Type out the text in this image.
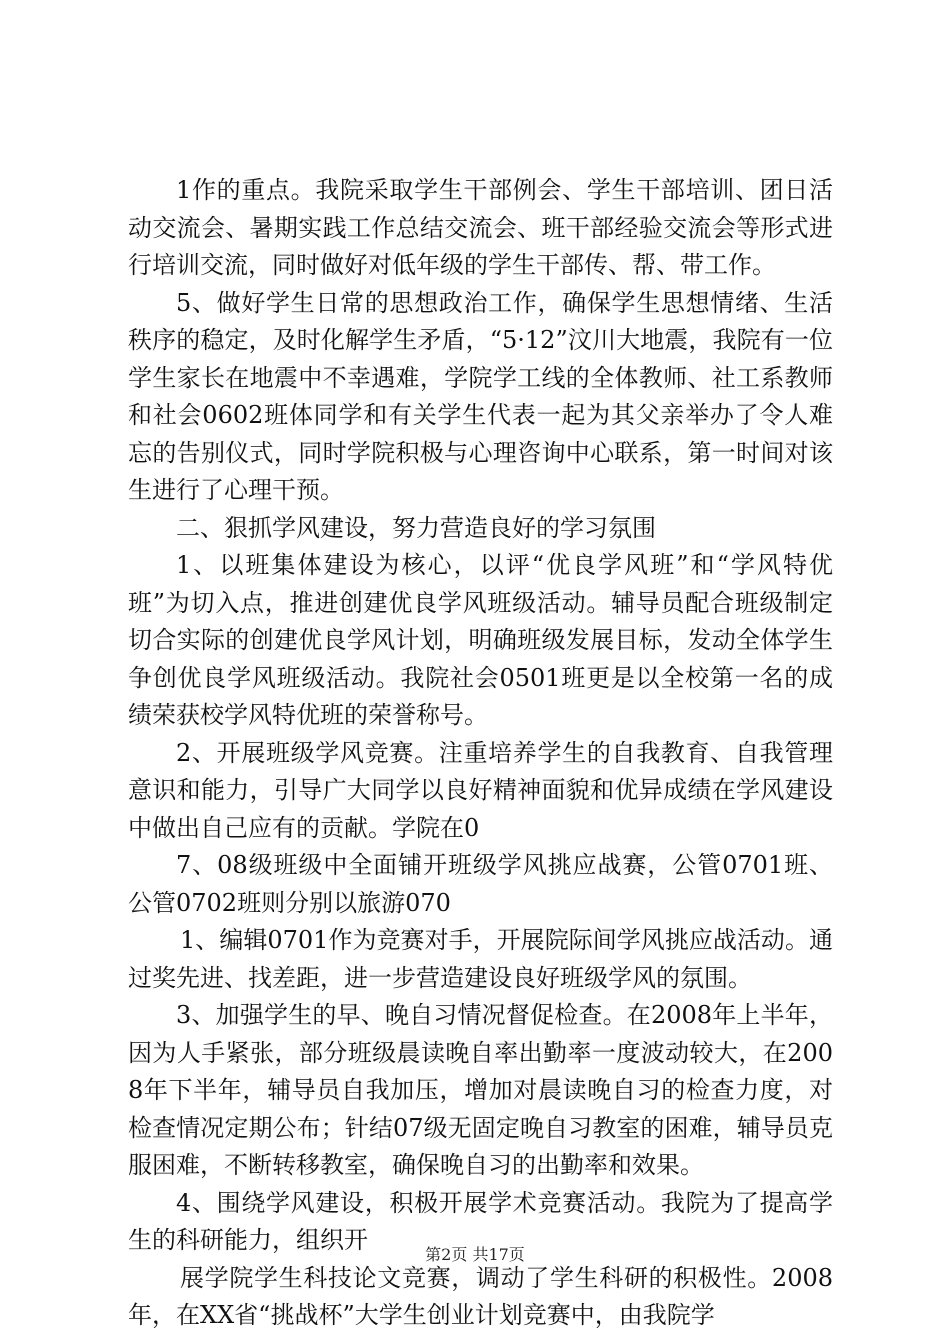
1作的重点。我院采取学生干部例会、学生干部培训、团日活动交流会、暑期实践工作总结交流会、班干部经验交流会等形式进行培训交流，同时做好对低年级的学生干部传、帮、带工作。

5、做好学生日常的思想政治工作，确保学生思想情绪、生活秩序的稳定，及时化解学生矛盾，“5·12”汶川大地震，我院有一位学生家长在地震中不幸遇难，学院学工线的全体教师、社工系教师和社会0602班体同学和有关学生代表一起为其父亲举办了令人难忘的告别仪式，同时学院积极与心理咨询中心联系，第一时间对该生进行了心理干预。

二、狠抓学风建设，努力营造良好的学习氛围

1、以班集体建设为核心，以评“优良学风班”和“学风特优班”为切入点，推进创建优良学风班级活动。辅导员配合班级制定切合实际的创建优良学风计划，明确班级发展目标，发动全体学生争创优良学风班级活动。我院社会0501班更是以全校第一名的成绩荣获校学风特优班的荣誉称号。

2、开展班级学风竞赛。注重培养学生的自我教育、自我管理意识和能力，引导广大同学以良好精神面貌和优异成绩在学风建设中做出自己应有的贡献。学院在0

7、08级班级中全面铺开班级学风挑应战赛，公管0701班、公管0702班则分别以旅游070

1、编辑0701作为竞赛对手，开展院际间学风挑应战活动。通过奖先进、找差距，进一步营造建设良好班级学风的氛围。

3、加强学生的早、晚自习情况督促检查。在2008年上半年，因为人手紧张，部分班级晨读晚自率出勤率一度波动较大，在2008年下半年，辅导员自我加压，增加对晨读晚自习的检查力度，对检查情况定期公布；针结07级无固定晚自习教室的困难，辅导员克服困难，不断转移教室，确保晚自习的出勤率和效果。

4、围绕学风建设，积极开展学术竞赛活动。我院为了提高学生的科研能力，组织开

展学院学生科技论文竞赛，调动了学生科研的积极性。2008年，在XX省“挑战杯”大学生创业计划竞赛中，由我院学

第2页 共17页
